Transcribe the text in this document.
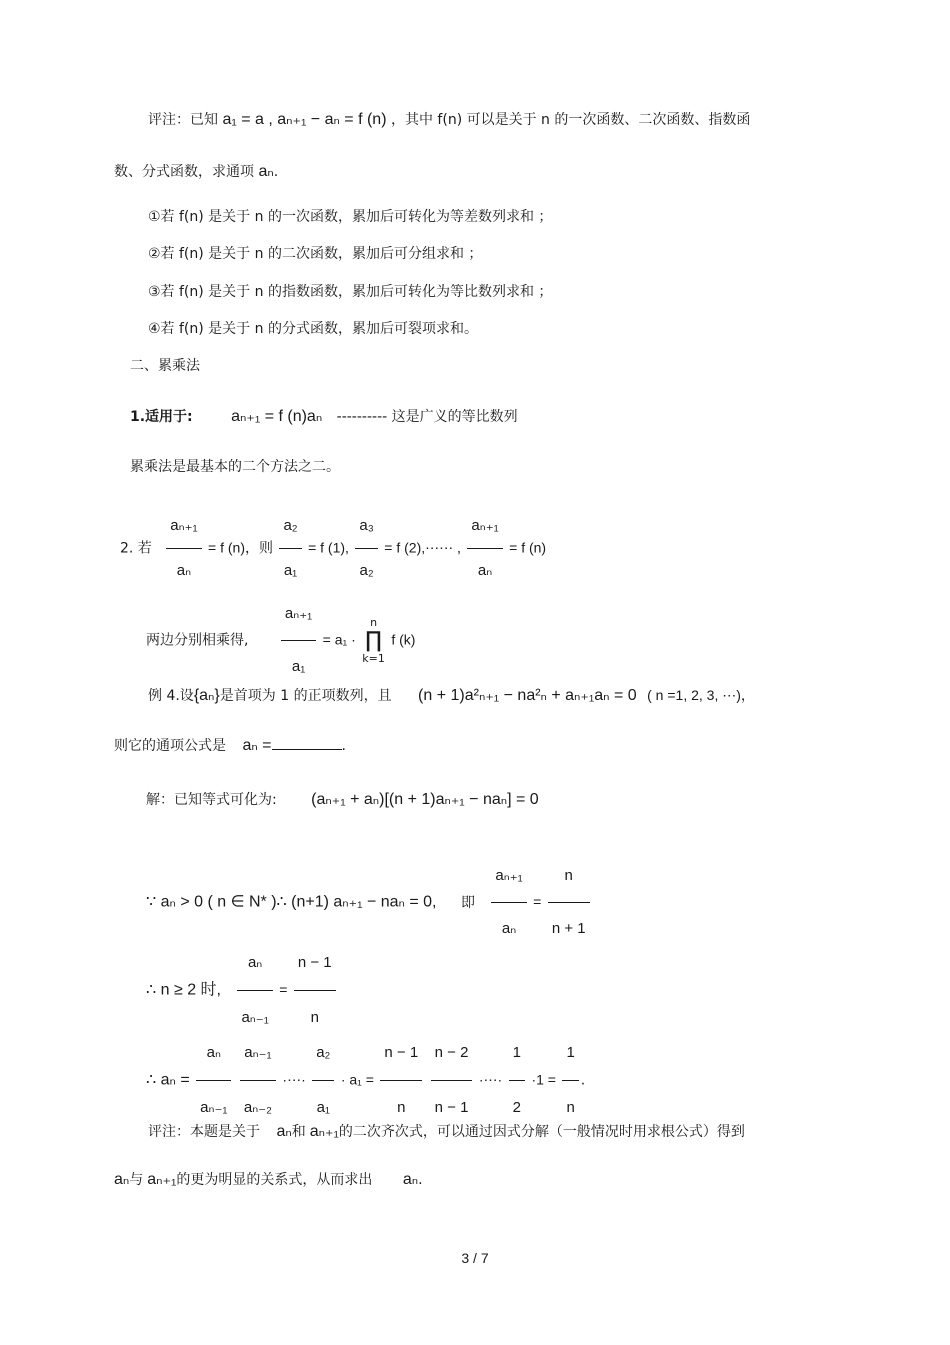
评注：已知 a₁ = a , aₙ₊₁ − aₙ = f (n) ，其中 f(n) 可以是关于 n 的一次函数、二次函数、指数函
数、分式函数，求通项 aₙ.
①若 f(n) 是关于 n 的一次函数，累加后可转化为等差数列求和 ；
②若 f(n) 是关于 n 的二次函数，累加后可分组求和 ；
③若 f(n) 是关于 n 的指数函数，累加后可转化为等比数列求和 ；
④若 f(n) 是关于 n 的分式函数，累加后可裂项求和。
二、累乘法
1.适用于: aₙ₊₁ = f (n)aₙ ---------- 这是广义的等比数列
累乘法是最基本的二个方法之二。
2. 若 $\frac{\text{aₙ₊₁}}{\text{aₙ}} = f$ (n)，则 $\frac{\text{a₂}}{\text{a₁}} = f$ (1), $\frac{\text{a₃}}{\text{a₂}} = f$ (2),⋯⋯ , $\frac{\text{aₙ₊₁}}{\text{aₙ}} = f$ (n)
两边分别相乘得, $\frac{\text{aₙ₊₁}}{\text{a₁}} = a_1 \cdot n$
∏
k=1 f (k)
例 4.设{aₙ}是首项为 1 的正项数列，且 (n + 1)a²ₙ₊₁ − na²ₙ + aₙ₊₁aₙ = 0 ( n =1, 2, 3, ⋯)，
则它的通项公式是 aₙ =	.
解：已知等式可化为: (aₙ₊₁ + aₙ)[(n + 1)aₙ₊₁ − naₙ] = 0
∵ aₙ > 0 ( n ∈ N* )∴ (n+1) aₙ₊₁ − naₙ = 0, 即 $\frac{\text{aₙ₊₁}}{\text{aₙ}} = \frac{n}{n + 1}$
∴ n ≥ 2 时, $\frac{\text{aₙ}}{\text{aₙ₋₁}} = \frac{n - 1}{n}$
∴ $a_n = \frac{\text{aₙ}}{\text{aₙ₋₁}}$
$\frac{\text{aₙ₋₁}}{\text{aₙ₋₂}}$ ·⋯· $\frac{\text{a₂}}{\text{a₁}} \cdot a_1 = \frac{n - 1}{n}$
$\frac{n - 2}{n - 1}$ ·⋯· $\frac{1}{2} \cdot 1 = \frac{1}{n}$ .
评注：本题是关于 aₙ和 aₙ₊₁的二次齐次式，可以通过因式分解（一般情况时用求根公式）得到
aₙ与 aₙ₊₁的更为明显的关系式，从而求出 aₙ.
3 / 7
